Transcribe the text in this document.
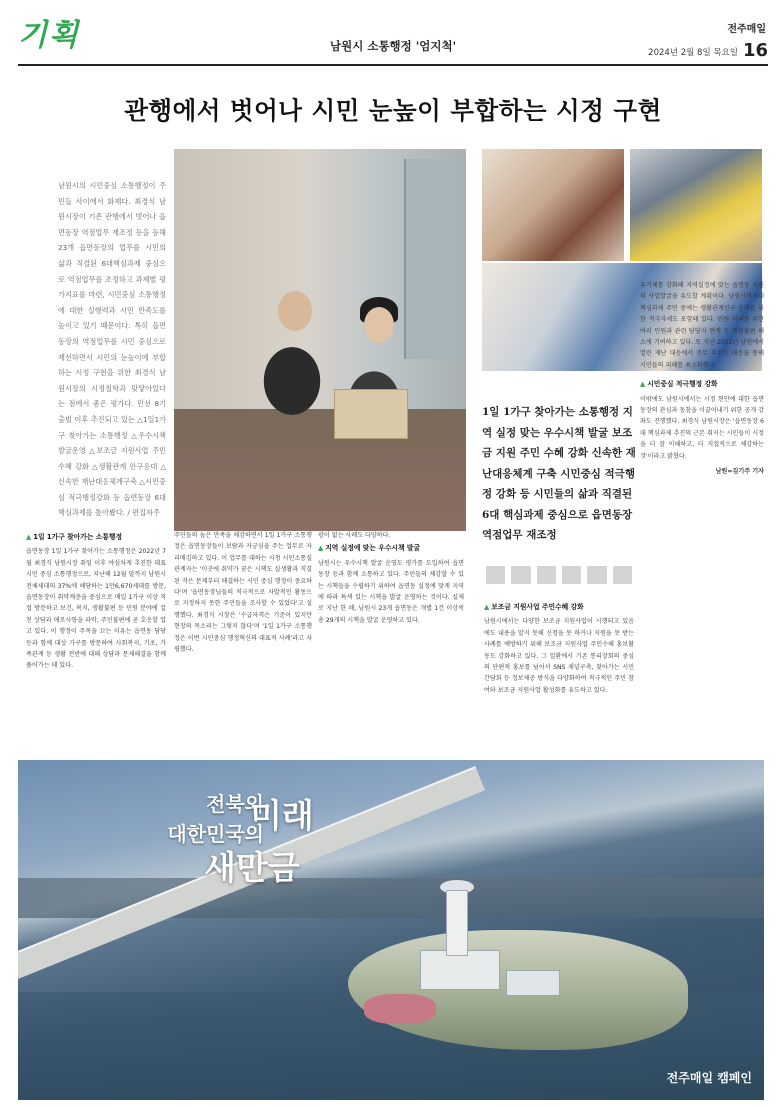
기획	남원시 소통행정 '엄지척'
전주매일
2024년 2월 8일 목요일 16
관행에서 벗어나 시민 눈높이 부합하는 시정 구현
남원시의 시민중심 소통행정이 주민들 사이에서 화제다. 최경식 남원시장이 기존 관행에서 벗어나 읍면동장 역점업무 재조정 등을 등해 23개 읍면동장의 업무를 시민의 삶과 직결된 6대핵심과제 중심으로 역점업무를 조정하고 과제별 평가지표를 마련, 시민중심 소통행정에 대한 실행력과 시민 만족도를 높이고 있기 때문이다. 특히 읍면동장의 역점업무를 시민 중심으로 재선하면서 시민의 눈높이에 부합하는 시정 구현을 위한 최경식 남원시장의 시정철학과 맞닿아있다는 점에서 좋은 평가다. 민선 8기 출범 이후 추진되고 있는 △1일1가구 찾아가는 소통행정 △우수시책 발굴운영 △보조금 지원사업 주민 수혜 강화 △생활관계 안구응대 △신속한 재난대응체계구축 △시민중심 적극행정강화 등 읍면동장 6대 핵심과제를 톺아봤다. / 편집자주
1일 1가구 찾아가는 소통행정 지역 실정 맞는 우수시책 발굴 보조금 지원 주민 수혜 강화 신속한 재난대응체계 구축 시민중심 적극행정 강화 등 시민들의 삶과 직결된 6대 핵심과제 중심으로 읍면동장 역점업무 재조정
▲ 1일 1가구 찾아가는 소통행정
읍면동장 1일 1가구 찾아가는 소통행정은 2022년 7월 최경식 남원시장 취임 이후 야심차게 추진한 대표 시민 중심 소통행정으로, 지난해 12월 말까지 남원시 전체세대의 37%에 해당하는 1만6,670세대를 방문, 읍면동장이 취약계층을 중심으로 매일 1가구 이상 직접 방문하고 보건, 복지, 생활불편 등 민원 분야에 걸친 상담과 애로사항을 파악, 주민불편에 곧 호응할 업고 있다. 이 행정이 주목을 끄는 이유는 읍면동 담당 등과 함께 대상 가구를 방문하여 사회복지, 기초, 가족관계 등 생활 전반에 대해 상담과 문제해결을 함께 풀어가는 데 있다.
주민들의 높은 만족을 체감하면서 1일 1가구 소통행정은 읍면동장들이 보람과 자긍심을 주는 업무로 자리매김하고 있다. 이 업무를 대하는 시청 시민소통실 관계자는 '이곳에 취약가 꿈은 시책도 실생활과 직결된 작은 문제부터 해결하는 시민 중심 행정이 중요하다'며 '읍면동장님들의 적극적으로 자발적인 활동으로 지정하지 못한 주민들을 조사할 수 있었다'고 설명했다. 최경식 시장은 '수급자격은 기준이 있지만 현장의 목소리는 그렇지 않다'며 '1일 1가구 소통행정은 이번 시민중심 행정혁신의 대표적 사례'라고 자평했다.
광이 없는 사례도 다양하다.
▲ 지역 실정에 맞는 우수시책 발굴
남원시는 우수시책 발굴 운영도 평가를 도입하여 읍면동장 등과 함께 소통하고 있다. 주민들의 체감할 수 있는 시책들을 수립하기 위하여 읍면동 실정에 맞게 지역에 따라 특색 있는 시책을 발굴 운영하는 것이다. 실제로 지난 한 해, 남원시 23개 읍면동은 개별 1건 이상씩 총 29개의 시책을 발굴 운영하고 있다.
▲ 보조금 지원사업 주민수혜 강화
남원시에서는 다양한 보조금 지원사업이 시행되고 있음에도 내용을 알지 못해 신청을 못 하거나 지원을 못 받는 사례를 예방하기 위해 보조금 지원사업 주민수혜 홍보활동도 강화하고 있다. 그 일환에서 기존 통리장회의 중심의 단편적 홍보를 넘어서 SNS 채널구축, 찾아가는 시민간담회 등 정보제공 방식을 다양화하여 적극적인 주민 참여와 보조금 지원사업 활성화를 유도하고 있다.
유기체를 강화해 지역실정에 맞는 읍면동 자원의 사업발굴을 유도할 계획이다. 남원시의 6대 핵심과제 주민 중에는 생활관계민구 응대를 위한 적극자세도 포함돼 있다. 민원 처리를 위한 여러 민원과 관련 담당자 연계 등 생활불편 해소에 기여하고 있다. 또 지난 2022년 남원에서 열린 재난 대응에서 전무 후무한 대응을 통해 시민들의 피해를 최소화했다.
▲ 시민중심 적극행정 강화
이밖에도 남원시에서는 시정 현안에 대한 읍면동장의 관심과 동참을 이끌어내기 위한 공개 강좌도 진행했다. 최경식 남원시장은 '읍면동장 6대 핵심과제 추진의 근본 취지는 시민들이 시정을 더 잘 이해하고, 더 직접적으로 체감하는 것'이라고 밝혔다.
남원=김기주 기자
전북의
대한민국의
미래
새만금
전주매일 캠페인
